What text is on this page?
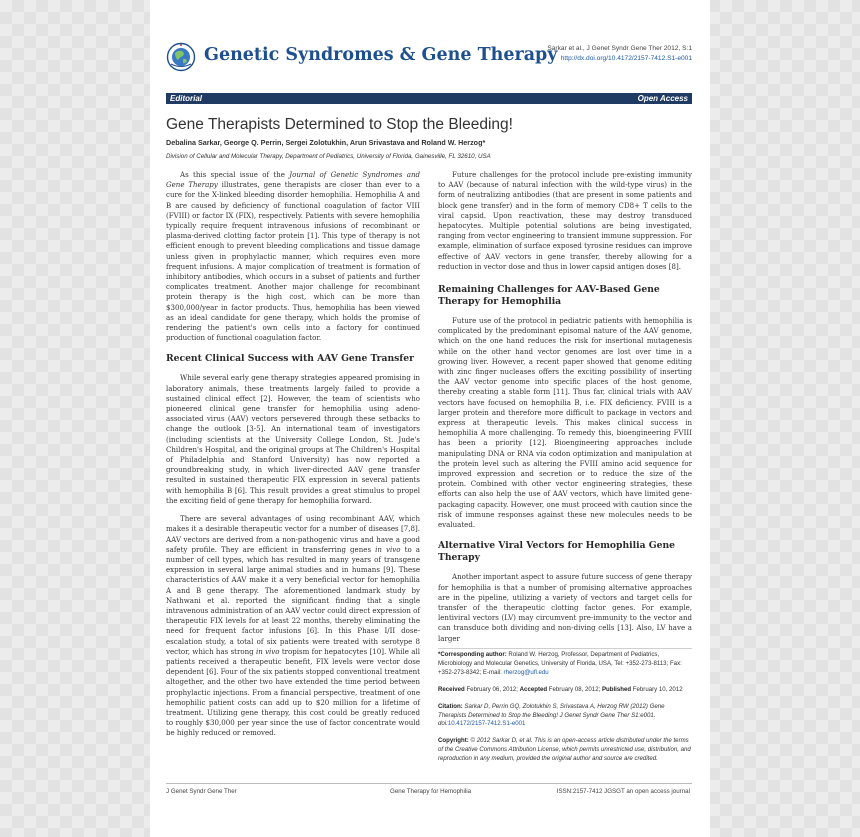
Genetic Syndromes & Gene Therapy
Sarkar et al., J Genet Syndr Gene Ther 2012, S:1
http://dx.doi.org/10.4172/2157-7412.S1-e001
Editorial	Open Access
Gene Therapists Determined to Stop the Bleeding!
Debalina Sarkar, George Q. Perrin, Sergei Zolotukhin, Arun Srivastava and Roland W. Herzog*
Division of Cellular and Molecular Therapy, Department of Pediatrics, University of Florida, Gainesville, FL 32610, USA

As this special issue of the Journal of Genetic Syndromes and Gene Therapy illustrates, gene therapists are closer than ever to a cure for the X-linked bleeding disorder hemophilia. Hemophilia A and B are caused by deficiency of functional coagulation of factor VIII (FVIII) or factor IX (FIX), respectively. Patients with severe hemophilia typically require frequent intravenous infusions of recombinant or plasma-derived clotting factor protein [1]. This type of therapy is not efficient enough to prevent bleeding complications and tissue damage unless given in prophylactic manner, which requires even more frequent infusions. A major complication of treatment is formation of inhibitory antibodies, which occurs in a subset of patients and further complicates treatment. Another major challenge for recombinant protein therapy is the high cost, which can be more than $300,000/year in factor products. Thus, hemophilia has been viewed as an ideal candidate for gene therapy, which holds the promise of rendering the patient's own cells into a factory for continued production of functional coagulation factor.

Recent Clinical Success with AAV Gene Transfer

While several early gene therapy strategies appeared promising in laboratory animals, these treatments largely failed to provide a sustained clinical effect [2]. However, the team of scientists who pioneered clinical gene transfer for hemophilia using adeno-associated virus (AAV) vectors persevered through these setbacks to change the outlook [3-5]. An international team of investigators (including scientists at the University College London, St. Jude's Children's Hospital, and the original groups at The Children's Hospital of Philadelphia and Stanford University) has now reported a groundbreaking study, in which liver-directed AAV gene transfer resulted in sustained therapeutic FIX expression in several patients with hemophilia B [6]. This result provides a great stimulus to propel the exciting field of gene therapy for hemophilia forward.

There are several advantages of using recombinant AAV, which makes it a desirable therapeutic vector for a number of diseases [7,8]. AAV vectors are derived from a non-pathogenic virus and have a good safety profile. They are efficient in transferring genes in vivo to a number of cell types, which has resulted in many years of transgene expression in several large animal studies and in humans [9]. These characteristics of AAV make it a very beneficial vector for hemophilia A and B gene therapy. The aforementioned landmark study by Nathwani et al. reported the significant finding that a single intravenous administration of an AAV vector could direct expression of therapeutic FIX levels for at least 22 months, thereby eliminating the need for frequent factor infusions [6]. In this Phase I/II dose-escalation study, a total of six patients were treated with serotype 8 vector, which has strong in vivo tropism for hepatocytes [10]. While all patients received a therapeutic benefit, FIX levels were vector dose dependent [6]. Four of the six patients stopped conventional treatment altogether, and the other two have extended the time period between prophylactic injections. From a financial perspective, treatment of one hemophilic patient costs can add up to $20 million for a lifetime of treatment. Utilizing gene therapy, this cost could be greatly reduced to roughly $30,000 per year since the use of factor concentrate would be highly reduced or removed.

Future challenges for the protocol include pre-existing immunity to AAV (because of natural infection with the wild-type virus) in the form of neutralizing antibodies (that are present in some patients and block gene transfer) and in the form of memory CD8+ T cells to the viral capsid. Upon reactivation, these may destroy transduced hepatocytes. Multiple potential solutions are being investigated, ranging from vector engineering to transient immune suppression. For example, elimination of surface exposed tyrosine residues can improve effective of AAV vectors in gene transfer, thereby allowing for a reduction in vector dose and thus in lower capsid antigen doses [8].

Remaining Challenges for AAV-Based Gene Therapy for Hemophilia

Future use of the protocol in pediatric patients with hemophilia is complicated by the predominant episomal nature of the AAV genome, which on the one hand reduces the risk for insertional mutagenesis while on the other hand vector genomes are lost over time in a growing liver. However, a recent paper showed that genome editing with zinc finger nucleases offers the exciting possibility of inserting the AAV vector genome into specific places of the host genome, thereby creating a stable form [11]. Thus far, clinical trials with AAV vectors have focused on hemophilia B, i.e. FIX deficiency. FVIII is a larger protein and therefore more difficult to package in vectors and express at therapeutic levels. This makes clinical success in hemophilia A more challenging. To remedy this, bioengineering FVIII has been a priority [12]. Bioengineering approaches include manipulating DNA or RNA via codon optimization and manipulation at the protein level such as altering the FVIII amino acid sequence for improved expression and secretion or to reduce the size of the protein. Combined with other vector engineering strategies, these efforts can also help the use of AAV vectors, which have limited gene-packaging capacity. However, one must proceed with caution since the risk of immune responses against these new molecules needs to be evaluated.

Alternative Viral Vectors for Hemophilia Gene Therapy

Another important aspect to assure future success of gene therapy for hemophilia is that a number of promising alternative approaches are in the pipeline, utilizing a variety of vectors and target cells for transfer of the therapeutic clotting factor genes. For example, lentiviral vectors (LV) may circumvent pre-immunity to the vector and can transduce both dividing and non-diving cells [13]. Also, LV have a larger

*Corresponding author: Roland W. Herzog, Professor, Department of Pediatrics, Microbiology and Molecular Genetics, University of Florida, USA, Tel: +352-273-8113; Fax: +352-273-8342; E-mail: rherzog@ufl.edu
Received February 06, 2012; Accepted February 08, 2012; Published February 10, 2012
Citation: Sarkar D, Perrin GQ, Zolotukhin S, Srivastava A, Herzog RW (2012) Gene Therapists Determined to Stop the Bleeding! J Genet Syndr Gene Ther S1:e001. doi:10.4172/2157-7412.S1-e001
Copyright: © 2012 Sarkar D, et al. This is an open-access article distributed under the terms of the Creative Commons Attribution License, which permits unrestricted use, distribution, and reproduction in any medium, provided the original author and source are credited.
J Genet Syndr Gene Ther	Gene Therapy for Hemophilia	ISSN:2157-7412 JGSGT an open access journal
